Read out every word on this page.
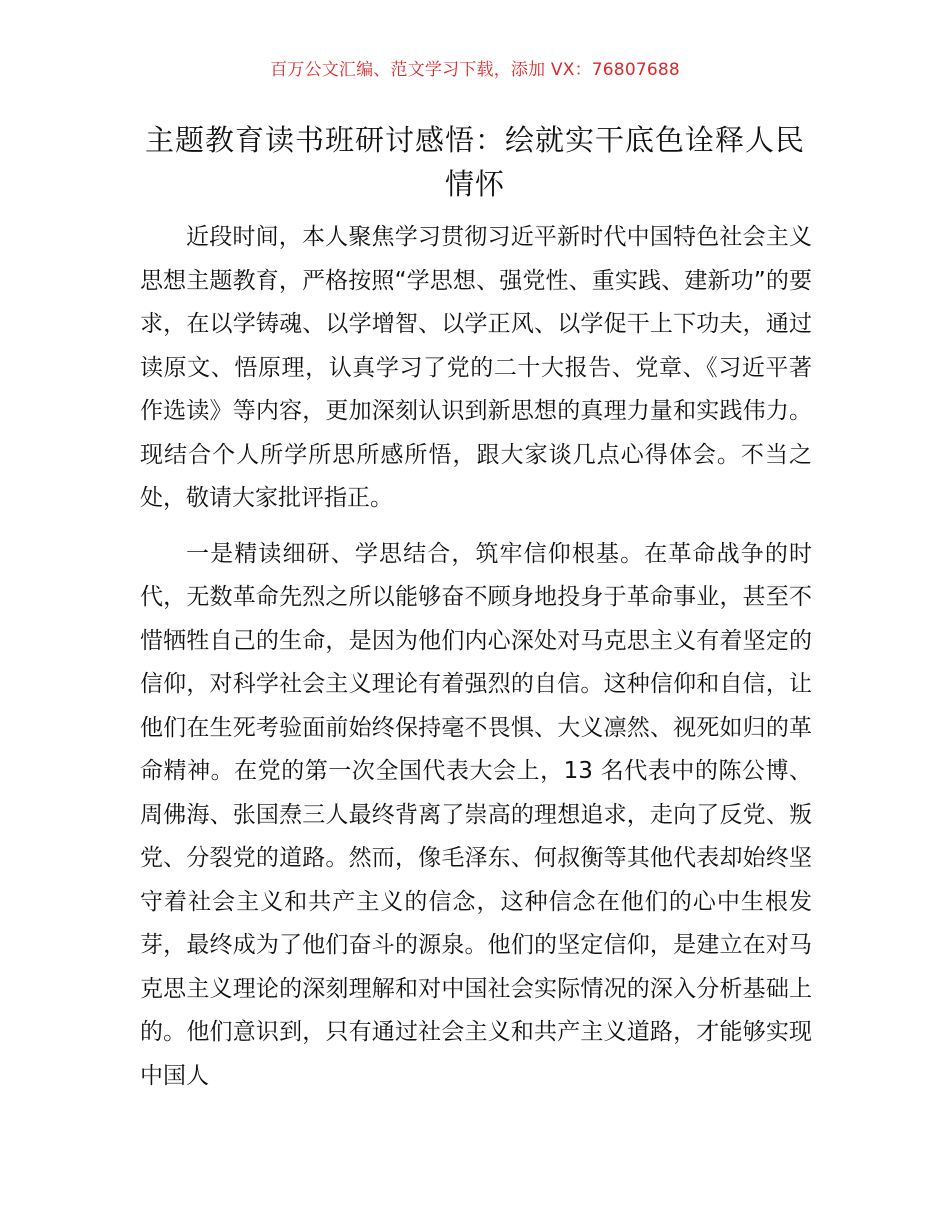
百万公文汇编、范文学习下载，添加 VX：76807688
主题教育读书班研讨感悟：绘就实干底色诠释人民情怀

近段时间，本人聚焦学习贯彻习近平新时代中国特色社会主义思想主题教育，严格按照“学思想、强党性、重实践、建新功”的要求，在以学铸魂、以学增智、以学正风、以学促干上下功夫，通过读原文、悟原理，认真学习了党的二十大报告、党章、《习近平著作选读》等内容，更加深刻认识到新思想的真理力量和实践伟力。现结合个人所学所思所感所悟，跟大家谈几点心得体会。不当之处，敬请大家批评指正。

一是精读细研、学思结合，筑牢信仰根基。在革命战争的时代，无数革命先烈之所以能够奋不顾身地投身于革命事业，甚至不惜牺牲自己的生命，是因为他们内心深处对马克思主义有着坚定的信仰，对科学社会主义理论有着强烈的自信。这种信仰和自信，让他们在生死考验面前始终保持毫不畏惧、大义凛然、视死如归的革命精神。在党的第一次全国代表大会上，13 名代表中的陈公博、周佛海、张国焘三人最终背离了崇高的理想追求，走向了反党、叛党、分裂党的道路。然而，像毛泽东、何叔衡等其他代表却始终坚守着社会主义和共产主义的信念，这种信念在他们的心中生根发芽，最终成为了他们奋斗的源泉。他们的坚定信仰，是建立在对马克思主义理论的深刻理解和对中国社会实际情况的深入分析基础上的。他们意识到，只有通过社会主义和共产主义道路，才能够实现中国人
